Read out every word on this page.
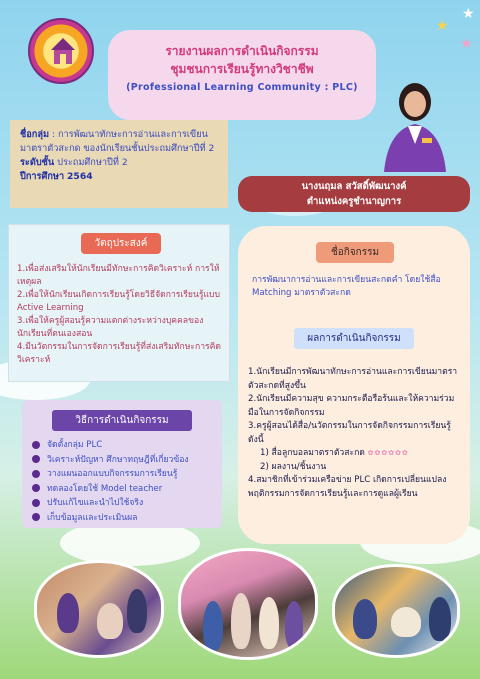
★
★
★
รายงานผลการดำเนินกิจกรรม
ชุมชนการเรียนรู้ทางวิชาชีพ
(Professional Learning Community : PLC)
ชื่อกลุ่ม : การพัฒนาทักษะการอ่านและการเขียนมาตราตัวสะกด ของนักเรียนชั้นประถมศึกษาปีที่ 2
ระดับชั้น ประถมศึกษาปีที่ 2
ปีการศึกษา 2564
นางนฤมล สวัสดิ์พัฒนางค์
ตำแหน่งครูชำนาญการ
วัตถุประสงค์
1.เพื่อส่งเสริมให้นักเรียนมีทักษะการคิดวิเคราะห์ การให้เหตุผล
2.เพื่อให้นักเรียนเกิดการเรียนรู้โดยวิธีจัดการเรียนรู้แบบ Active Learning
3.เพื่อให้ครูผู้สอนรู้ความแตกต่างระหว่างบุคคลของนักเรียนที่ตนเองสอน
4.มีนวัตกรรมในการจัดการเรียนรู้ที่ส่งเสริมทักษะการคิดวิเคราะห์
วิธีการดำเนินกิจกรรม
จัดตั้งกลุ่ม PLC
วิเคราะห์ปัญหา ศึกษาทฤษฎีที่เกี่ยวข้อง
วางแผนออกแบบกิจกรรมการเรียนรู้
ทดลองโดยใช้ Model teacher
ปรับแก้ไขและนำไปใช้จริง
เก็บข้อมูลและประเมินผล
ชื่อกิจกรรม
การพัฒนาการอ่านและการเขียนสะกดคำ โดยใช้สื่อ Matching มาตราตัวสะกด
ผลการดำเนินกิจกรรม
1.นักเรียนมีการพัฒนาทักษะการอ่านและการเขียนมาตราตัวสะกดที่สูงขึ้น
2.นักเรียนมีความสุข ความกระตือรือร้นและให้ความร่วมมือในการจัดกิจกรรม
3.ครูผู้สอนได้สื่อ/นวัตกรรมในการจัดกิจกรรมการเรียนรู้ดังนี้
1) สื่อลูกบอลมาตราตัวสะกด ✿✿✿✿✿✿
2) ผลงาน/ชิ้นงาน
4.สมาชิกที่เข้าร่วมเครือข่าย PLC เกิดการเปลี่ยนแปลงพฤติกรรมการจัดการเรียนรู้และการดูแลผู้เรียน
